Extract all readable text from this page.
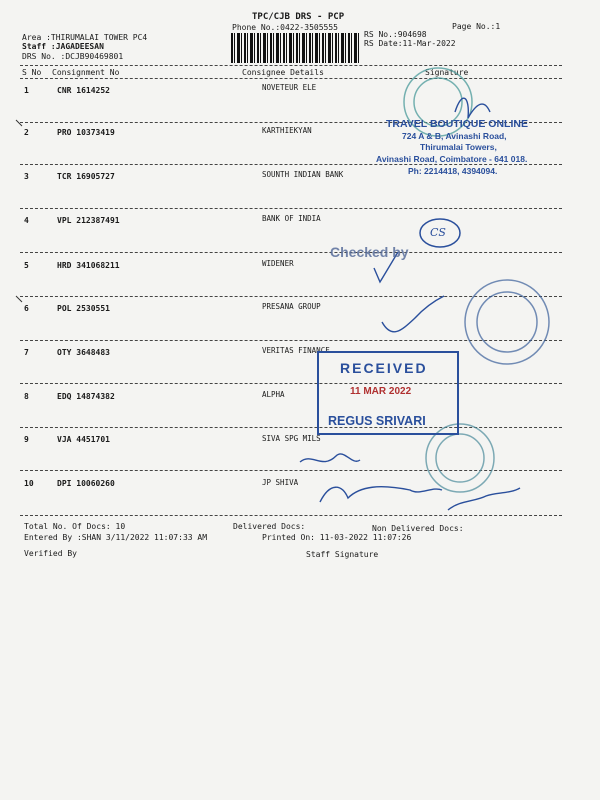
TPC/CJB DRS - PCP
Phone No.:0422-3505555	Page No.:1
Area :THIRUMALAI TOWER PC4
Staff :JAGADEESAN
DRS No. :DCJB90469801
RS No.:904698
RS Date:11-Mar-2022
S No Consignment No	Consignee Details	Signature
1	CNR 1614252	NOVETEUR ELE
2	PRO 10373419	KARTHIEKYAN
3	TCR 16905727	SOUNTH INDIAN BANK
4	VPL 212387491	BANK OF INDIA
5	HRD 341068211	WIDENER
6	POL 2530551	PRESANA GROUP
7	OTY 3648483	VERITAS FINANCE
8	EDQ 14874382	ALPHA
9	VJA 4451701	SIVA SPG MILS
10	DPI 10060260	JP SHIVA
Total No. Of Docs: 10	Delivered Docs:	Non Delivered Docs:
Entered By :SHAN 3/11/2022 11:07:33 AM	Printed On: 11-03-2022 11:07:26
Verified By	Staff Signature
TRAVEL BOUTIQUE ONLINE
724 A & B, Avinashi Road,
Thirumalai Towers,
Avinashi Road, Coimbatore - 641 018.
Ph: 2214418, 4394094.
CS
Checked by
RECEIVED
11 MAR 2022
REGUS SRIVARI
